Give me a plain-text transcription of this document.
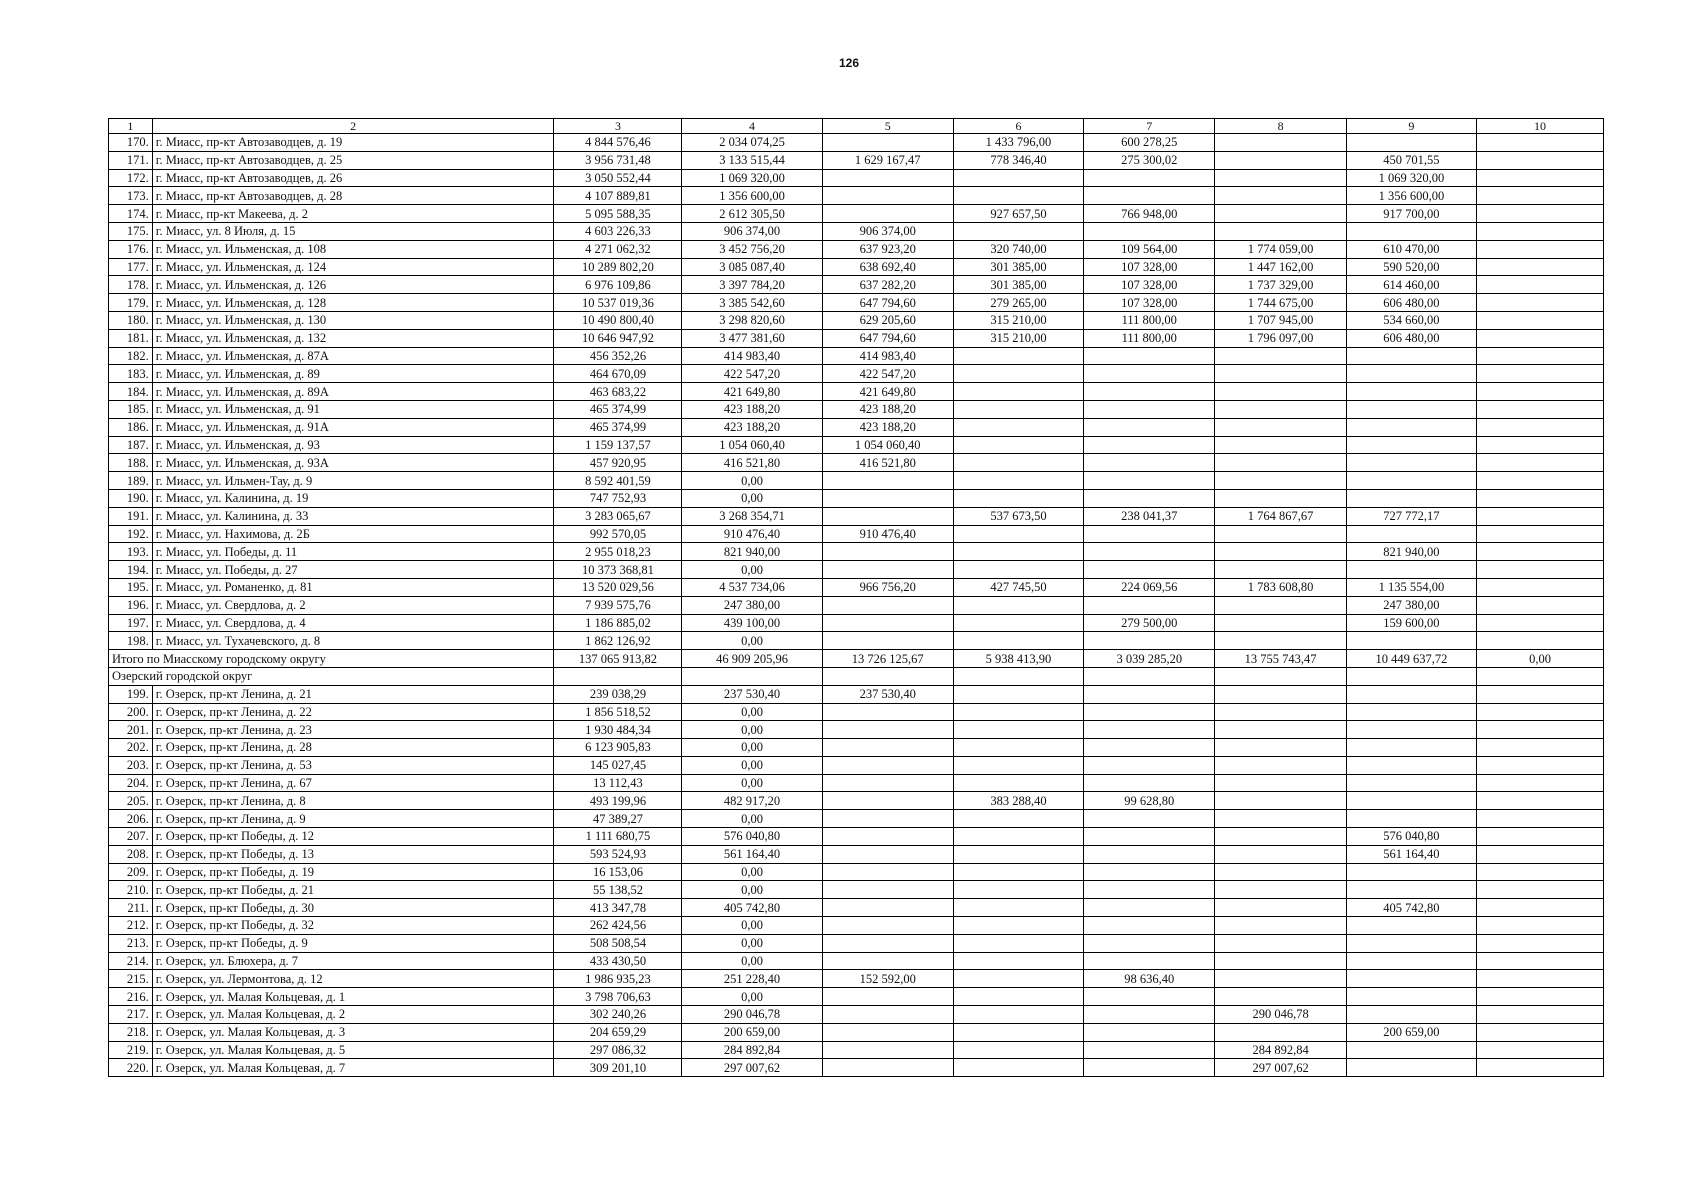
126
1	2	3	4	5	6	7	8	9	10
170.	г. Миасс, пр-кт Автозаводцев, д. 19	4 844 576,46	2 034 074,25		1 433 796,00	600 278,25			
171.	г. Миасс, пр-кт Автозаводцев, д. 25	3 956 731,48	3 133 515,44	1 629 167,47	778 346,40	275 300,02		450 701,55	
172.	г. Миасс, пр-кт Автозаводцев, д. 26	3 050 552,44	1 069 320,00					1 069 320,00	
173.	г. Миасс, пр-кт Автозаводцев, д. 28	4 107 889,81	1 356 600,00					1 356 600,00	
174.	г. Миасс, пр-кт Макеева, д. 2	5 095 588,35	2 612 305,50		927 657,50	766 948,00		917 700,00	
175.	г. Миасс, ул. 8 Июля, д. 15	4 603 226,33	906 374,00	906 374,00					
176.	г. Миасс, ул. Ильменская, д. 108	4 271 062,32	3 452 756,20	637 923,20	320 740,00	109 564,00	1 774 059,00	610 470,00	
177.	г. Миасс, ул. Ильменская, д. 124	10 289 802,20	3 085 087,40	638 692,40	301 385,00	107 328,00	1 447 162,00	590 520,00	
178.	г. Миасс, ул. Ильменская, д. 126	6 976 109,86	3 397 784,20	637 282,20	301 385,00	107 328,00	1 737 329,00	614 460,00	
179.	г. Миасс, ул. Ильменская, д. 128	10 537 019,36	3 385 542,60	647 794,60	279 265,00	107 328,00	1 744 675,00	606 480,00	
180.	г. Миасс, ул. Ильменская, д. 130	10 490 800,40	3 298 820,60	629 205,60	315 210,00	111 800,00	1 707 945,00	534 660,00	
181.	г. Миасс, ул. Ильменская, д. 132	10 646 947,92	3 477 381,60	647 794,60	315 210,00	111 800,00	1 796 097,00	606 480,00	
182.	г. Миасс, ул. Ильменская, д. 87А	456 352,26	414 983,40	414 983,40					
183.	г. Миасс, ул. Ильменская, д. 89	464 670,09	422 547,20	422 547,20					
184.	г. Миасс, ул. Ильменская, д. 89А	463 683,22	421 649,80	421 649,80					
185.	г. Миасс, ул. Ильменская, д. 91	465 374,99	423 188,20	423 188,20					
186.	г. Миасс, ул. Ильменская, д. 91А	465 374,99	423 188,20	423 188,20					
187.	г. Миасс, ул. Ильменская, д. 93	1 159 137,57	1 054 060,40	1 054 060,40					
188.	г. Миасс, ул. Ильменская, д. 93А	457 920,95	416 521,80	416 521,80					
189.	г. Миасс, ул. Ильмен-Тау, д. 9	8 592 401,59	0,00						
190.	г. Миасс, ул. Калинина, д. 19	747 752,93	0,00						
191.	г. Миасс, ул. Калинина, д. 33	3 283 065,67	3 268 354,71		537 673,50	238 041,37	1 764 867,67	727 772,17	
192.	г. Миасс, ул. Нахимова, д. 2Б	992 570,05	910 476,40	910 476,40					
193.	г. Миасс, ул. Победы, д. 11	2 955 018,23	821 940,00					821 940,00	
194.	г. Миасс, ул. Победы, д. 27	10 373 368,81	0,00						
195.	г. Миасс, ул. Романенко, д. 81	13 520 029,56	4 537 734,06	966 756,20	427 745,50	224 069,56	1 783 608,80	1 135 554,00	
196.	г. Миасс, ул. Свердлова, д. 2	7 939 575,76	247 380,00					247 380,00	
197.	г. Миасс, ул. Свердлова, д. 4	1 186 885,02	439 100,00			279 500,00		159 600,00	
198.	г. Миасс, ул. Тухачевского, д. 8	1 862 126,92	0,00						
Итого по Миасскому городскому округу		137 065 913,82	46 909 205,96	13 726 125,67	5 938 413,90	3 039 285,20	13 755 743,47	10 449 637,72	0,00
Озерский городской округ									
199.	г. Озерск, пр-кт Ленина, д. 21	239 038,29	237 530,40	237 530,40					
200.	г. Озерск, пр-кт Ленина, д. 22	1 856 518,52	0,00						
201.	г. Озерск, пр-кт Ленина, д. 23	1 930 484,34	0,00						
202.	г. Озерск, пр-кт Ленина, д. 28	6 123 905,83	0,00						
203.	г. Озерск, пр-кт Ленина, д. 53	145 027,45	0,00						
204.	г. Озерск, пр-кт Ленина, д. 67	13 112,43	0,00						
205.	г. Озерск, пр-кт Ленина, д. 8	493 199,96	482 917,20		383 288,40	99 628,80			
206.	г. Озерск, пр-кт Ленина, д. 9	47 389,27	0,00						
207.	г. Озерск, пр-кт Победы, д. 12	1 111 680,75	576 040,80					576 040,80	
208.	г. Озерск, пр-кт Победы, д. 13	593 524,93	561 164,40					561 164,40	
209.	г. Озерск, пр-кт Победы, д. 19	16 153,06	0,00						
210.	г. Озерск, пр-кт Победы, д. 21	55 138,52	0,00						
211.	г. Озерск, пр-кт Победы, д. 30	413 347,78	405 742,80					405 742,80	
212.	г. Озерск, пр-кт Победы, д. 32	262 424,56	0,00						
213.	г. Озерск, пр-кт Победы, д. 9	508 508,54	0,00						
214.	г. Озерск, ул. Блюхера, д. 7	433 430,50	0,00						
215.	г. Озерск, ул. Лермонтова, д. 12	1 986 935,23	251 228,40	152 592,00		98 636,40			
216.	г. Озерск, ул. Малая Кольцевая, д. 1	3 798 706,63	0,00						
217.	г. Озерск, ул. Малая Кольцевая, д. 2	302 240,26	290 046,78				290 046,78		
218.	г. Озерск, ул. Малая Кольцевая, д. 3	204 659,29	200 659,00					200 659,00	
219.	г. Озерск, ул. Малая Кольцевая, д. 5	297 086,32	284 892,84				284 892,84		
220.	г. Озерск, ул. Малая Кольцевая, д. 7	309 201,10	297 007,62				297 007,62		
